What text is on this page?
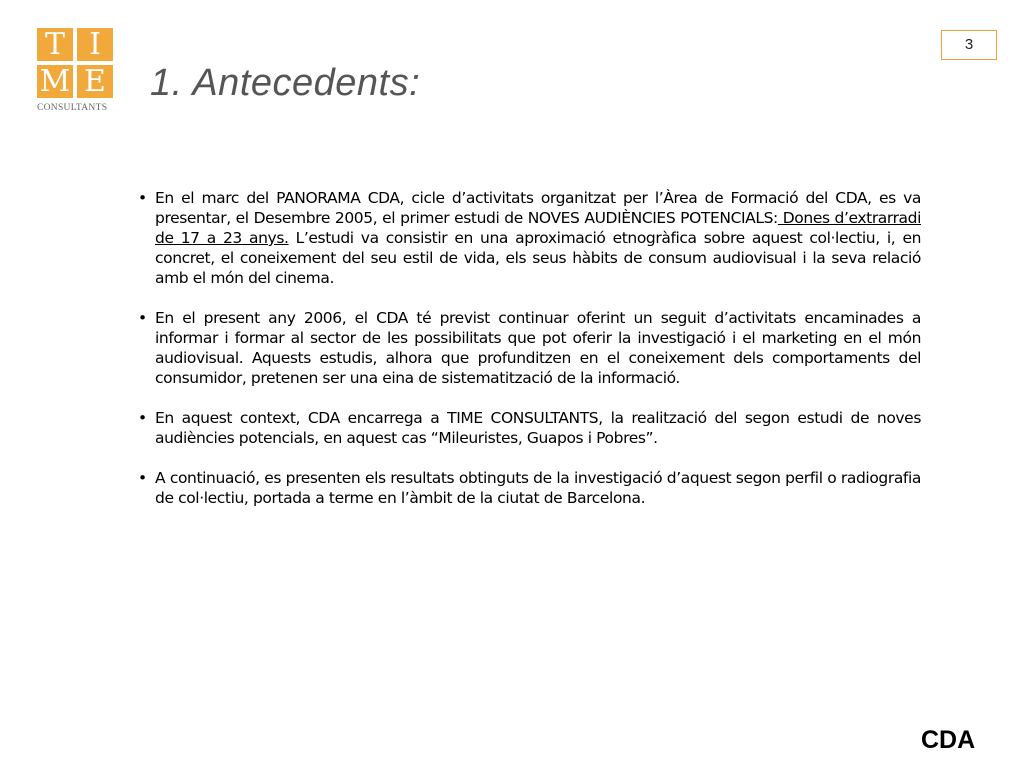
T I
M E
CONSULTANTS
1. Antecedents:
3
• En el marc del PANORAMA CDA, cicle d’activitats organitzat per l’Àrea de Formació del CDA, es va presentar, el Desembre 2005, el primer estudi de NOVES AUDIÈNCIES POTENCIALS: Dones d’extrarradi de 17 a 23 anys. L’estudi va consistir en una aproximació etnogràfica sobre aquest col·lectiu, i, en concret, el coneixement del seu estil de vida, els seus hàbits de consum audiovisual i la seva relació amb el món del cinema.
• En el present any 2006, el CDA té previst continuar oferint un seguit d’activitats encaminades a informar i formar al sector de les possibilitats que pot oferir la investigació i el marketing en el món audiovisual. Aquests estudis, alhora que profunditzen en el coneixement dels comportaments del consumidor, pretenen ser una eina de sistematització de la informació.
• En aquest context, CDA encarrega a TIME CONSULTANTS, la realització del segon estudi de noves audiències potencials, en aquest cas “Mileuristes, Guapos i Pobres”.
• A continuació, es presenten els resultats obtinguts de la investigació d’aquest segon perfil o radiografia de col·lectiu, portada a terme en l’àmbit de la ciutat de Barcelona.
CDA
